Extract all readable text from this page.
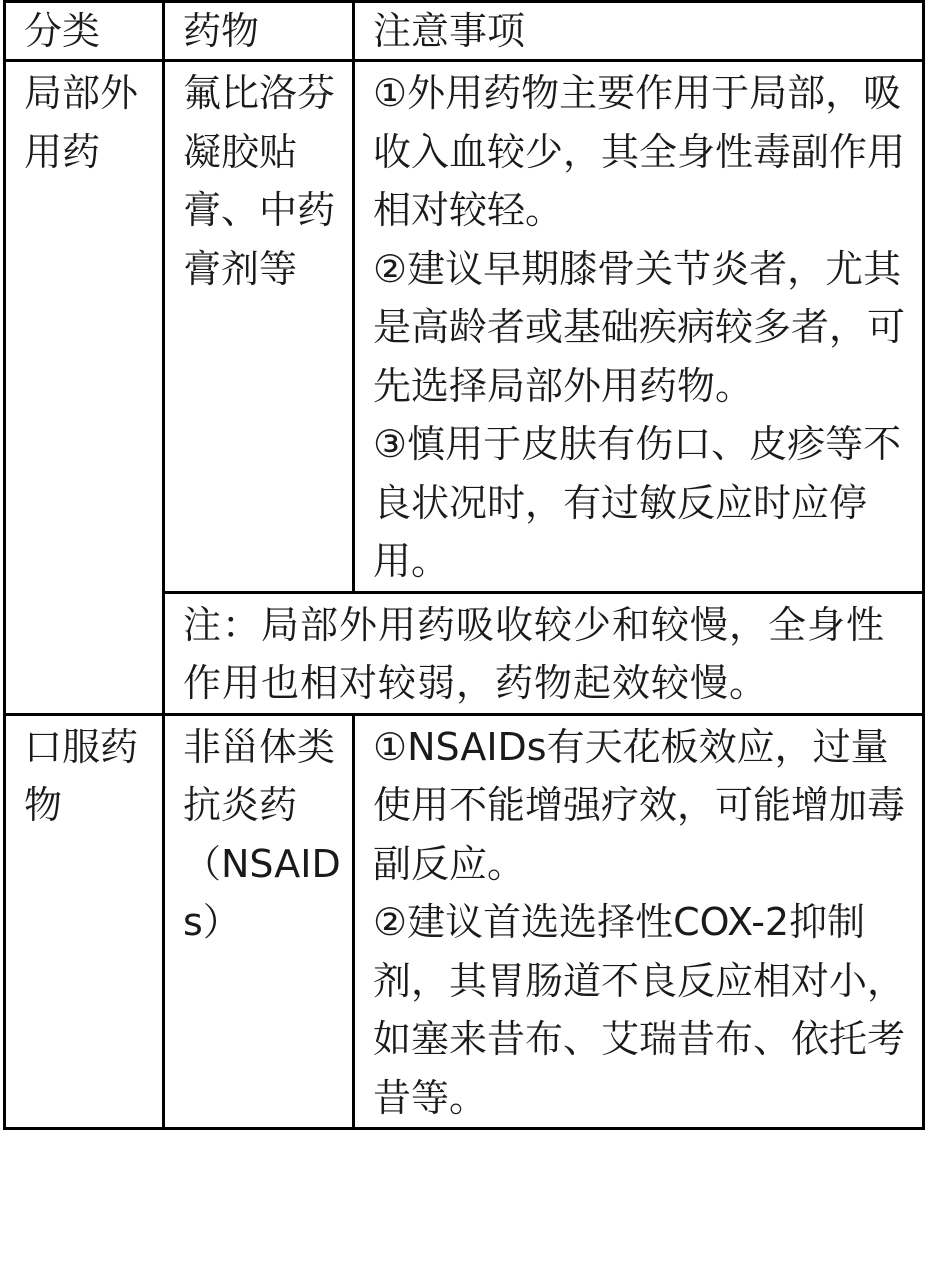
分类	药物	注意事项
局部外用药	氟比洛芬凝胶贴膏、中药膏剂等	①外用药物主要作用于局部，吸收入血较少，其全身性毒副作用相对较轻。
②建议早期膝骨关节炎者，尤其是高龄者或基础疾病较多者，可先选择局部外用药物。
③慎用于皮肤有伤口、皮疹等不良状况时，有过敏反应时应停用。

	注：局部外用药吸收较少和较慢，全身性作用也相对较弱，药物起效较慢。	
口服药物	非甾体类抗炎药（NSAIDs）	①NSAIDs有天花板效应，过量使用不能增强疗效，可能增加毒副反应。
②建议首选选择性COX-2抑制剂，其胃肠道不良反应相对小，如塞来昔布、艾瑞昔布、依托考昔等。
